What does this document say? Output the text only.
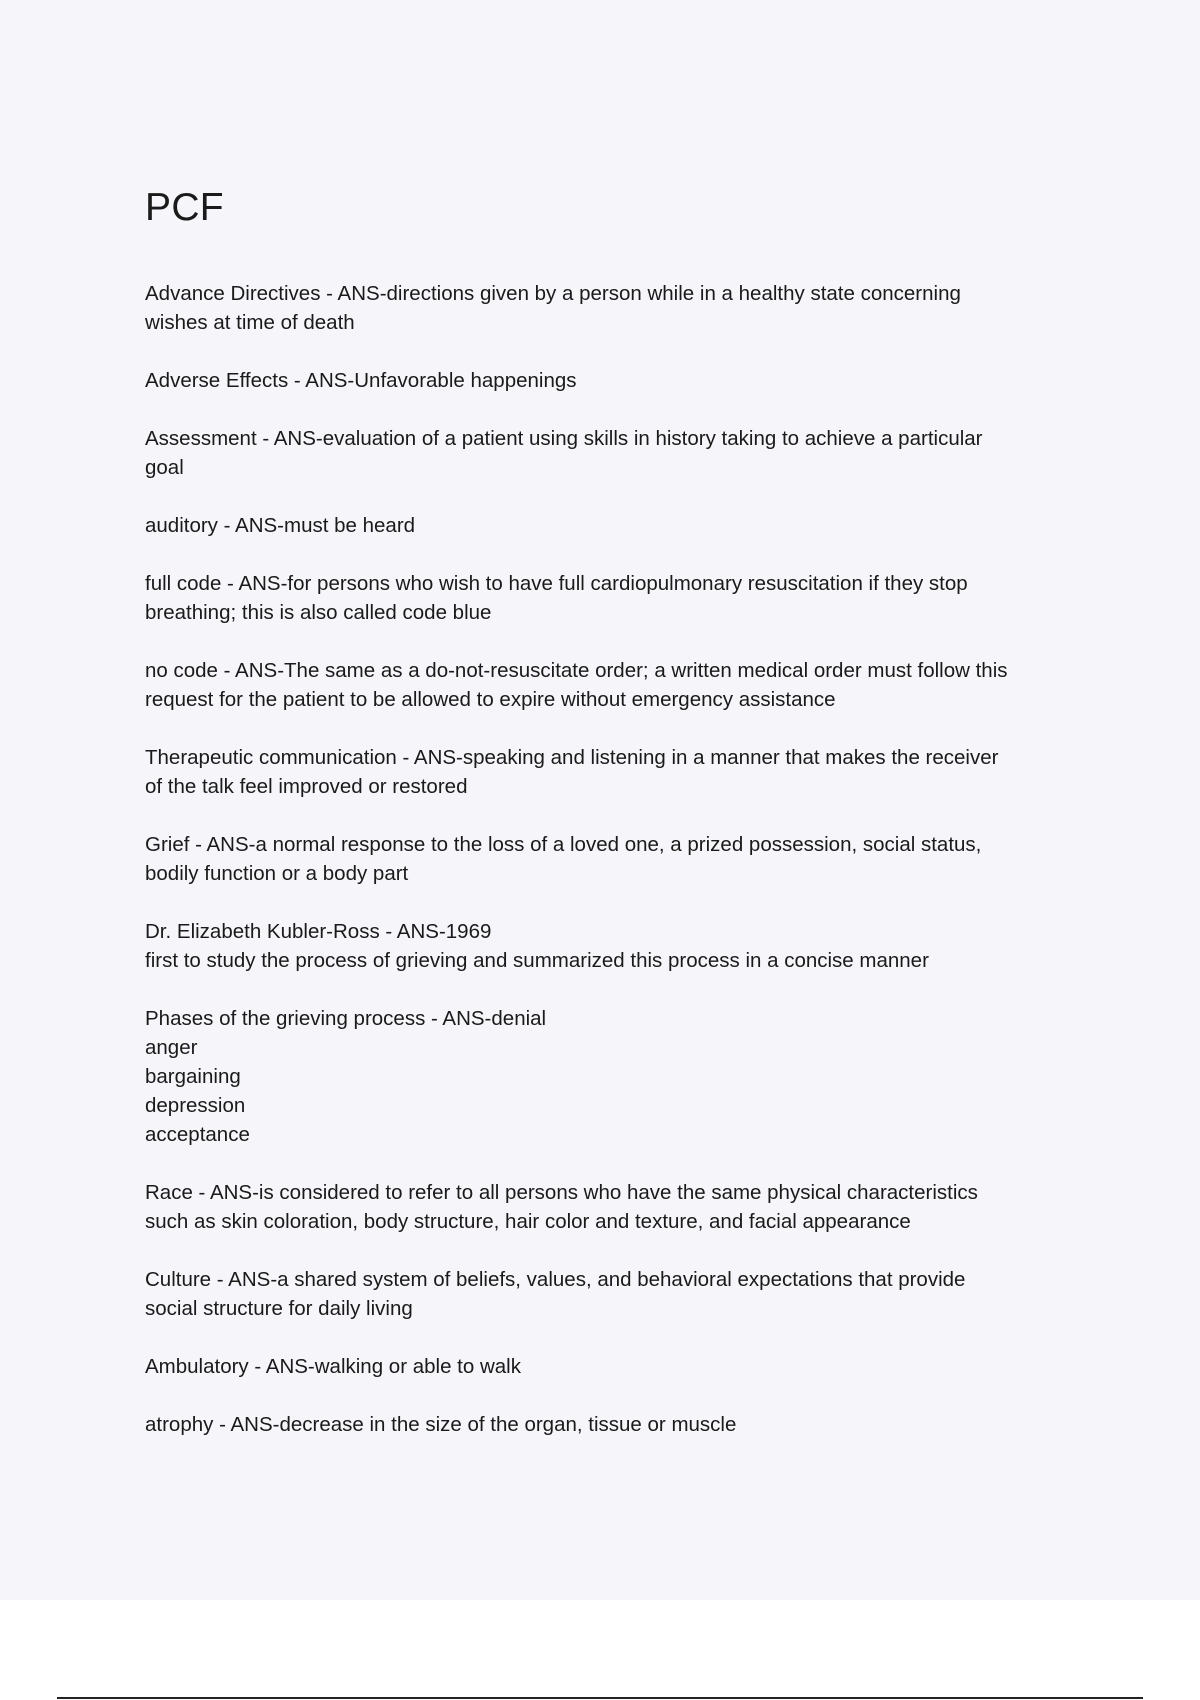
PCF

Advance Directives - ANS-directions given by a person while in a healthy state concerning
wishes at time of death

Adverse Effects - ANS-Unfavorable happenings

Assessment - ANS-evaluation of a patient using skills in history taking to achieve a particular
goal

auditory - ANS-must be heard

full code - ANS-for persons who wish to have full cardiopulmonary resuscitation if they stop
breathing; this is also called code blue

no code - ANS-The same as a do-not-resuscitate order; a written medical order must follow this
request for the patient to be allowed to expire without emergency assistance

Therapeutic communication - ANS-speaking and listening in a manner that makes the receiver
of the talk feel improved or restored

Grief - ANS-a normal response to the loss of a loved one, a prized possession, social status,
bodily function or a body part

Dr. Elizabeth Kubler-Ross - ANS-1969
first to study the process of grieving and summarized this process in a concise manner

Phases of the grieving process - ANS-denial
anger
bargaining
depression
acceptance

Race - ANS-is considered to refer to all persons who have the same physical characteristics
such as skin coloration, body structure, hair color and texture, and facial appearance

Culture - ANS-a shared system of beliefs, values, and behavioral expectations that provide
social structure for daily living

Ambulatory - ANS-walking or able to walk

atrophy - ANS-decrease in the size of the organ, tissue or muscle
